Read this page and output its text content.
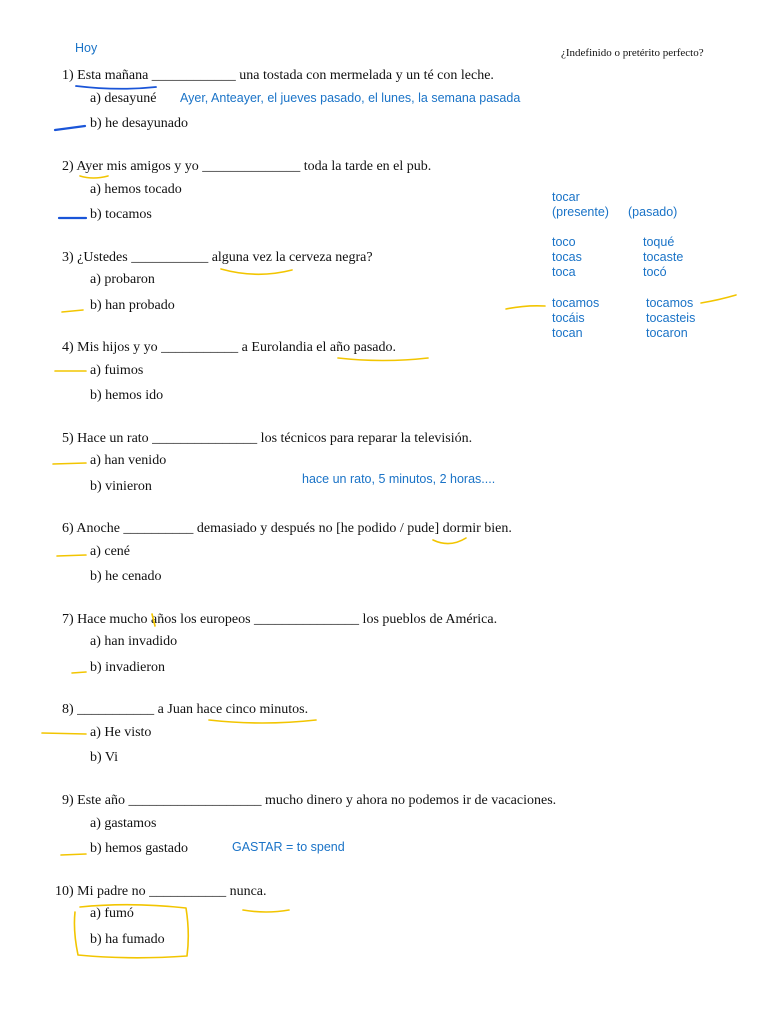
Hoy	¿Indefinido o pretérito perfecto?
1) Esta mañana ____________ una tostada con mermelada y un té con leche.
a) desayuné
b) he desayunado
2) Ayer mis amigos y yo ______________ toda la tarde en el pub.
a) hemos tocado
b) tocamos
3) ¿Ustedes ___________ alguna vez la cerveza negra?
a) probaron
b) han probado
4) Mis hijos y yo ___________ a Eurolandia el año pasado.
a) fuimos
b) hemos ido
5) Hace un rato _______________ los técnicos para reparar la televisión.
a) han venido
b) vinieron
6) Anoche __________ demasiado y después no [he podido / pude] dormir bien.
a) cené
b) he cenado
7) Hace mucho años los europeos _______________ los pueblos de América.
a) han invadido
b) invadieron
8) ___________ a Juan hace cinco minutos.
a) He visto
b) Vi
9) Este año ___________________ mucho dinero y ahora no podemos ir de vacaciones.
a) gastamos
b) hemos gastado
10) Mi padre no ___________ nunca.
a) fumó
b) ha fumado
Ayer, Anteayer, el jueves pasado, el lunes, la semana pasada
hace un rato, 5 minutos, 2 horas....
GASTAR = to spend
tocar
(presente) (pasado)
toco
tocas
toca
tocamos
tocáis
tocan
toqué
tocaste
tocó
tocamos
tocasteis
tocaron
